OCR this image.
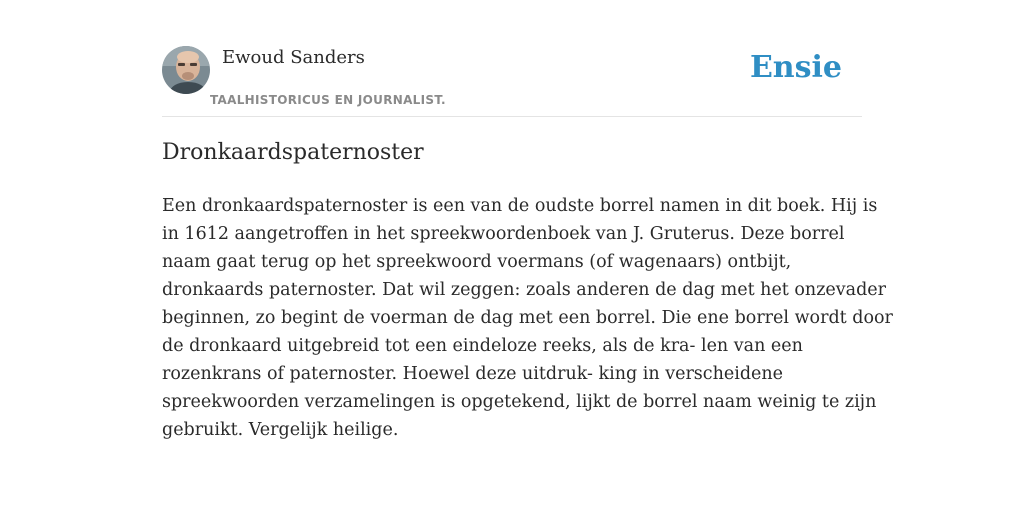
Ewoud Sanders
TAALHISTORICUS EN JOURNALIST.
Ensie
Dronkaardspaternoster
Een dronkaardspaternoster is een van de oudste borrel namen in dit boek. Hij is
in 1612 aangetroffen in het spreekwoordenboek van J. Gruterus. Deze borrel
naam gaat terug op het spreekwoord voermans (of wagenaars) ontbijt,
dronkaards paternoster. Dat wil zeggen: zoals anderen de dag met het onzevader
beginnen, zo begint de voerman de dag met een borrel. Die ene borrel wordt door
de dronkaard uitgebreid tot een eindeloze reeks, als de kra- len van een
rozenkrans of paternoster. Hoewel deze uitdruk- king in verscheidene
spreekwoorden verzamelingen is opgetekend, lijkt de borrel naam weinig te zijn
gebruikt. Vergelijk heilige.
